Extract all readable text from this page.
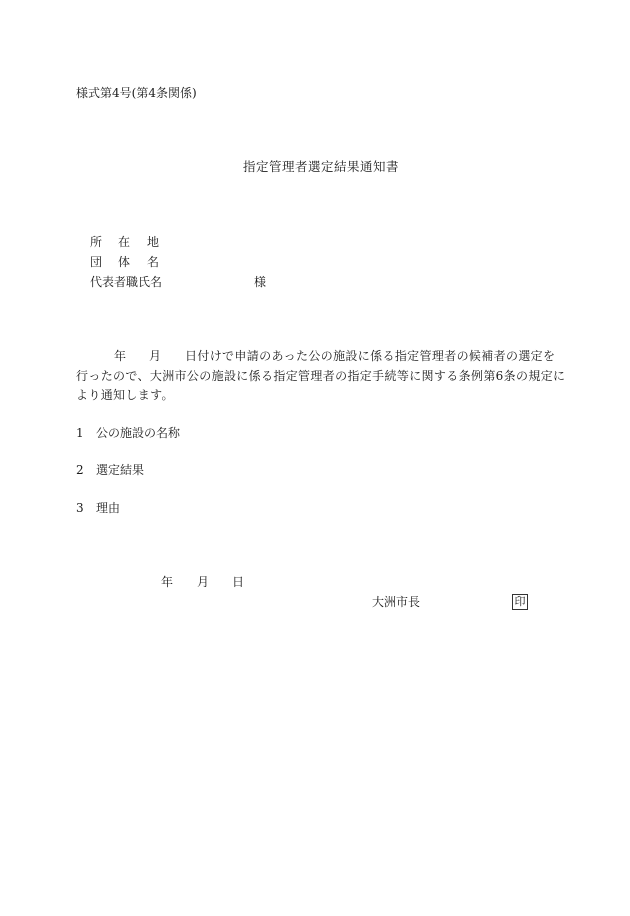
様式第4号(第4条関係)
指定管理者選定結果通知書
所 在 地
団 体 名
代表者職氏名	様
年 月 日付けで申請のあった公の施設に係る指定管理者の候補者の選定を
行ったので、大洲市公の施設に係る指定管理者の指定手続等に関する条例第6条の規定に
より通知します。
1 公の施設の名称
2 選定結果
3 理由
年 月 日
大洲市長	印
